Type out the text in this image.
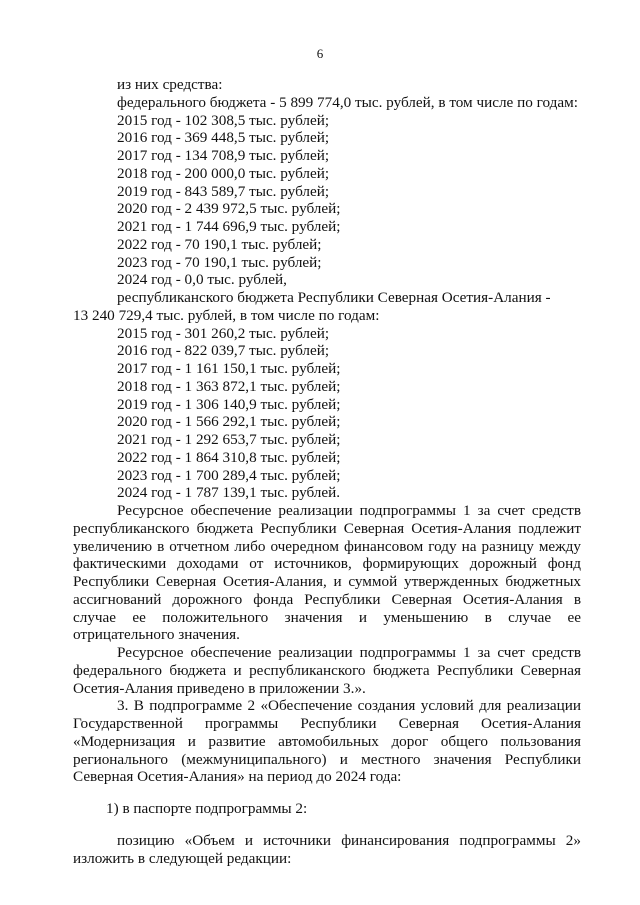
6
из них средства:
федерального бюджета - 5 899 774,0 тыс. рублей, в том числе по годам:
2015 год - 102 308,5 тыс. рублей;
2016 год - 369 448,5 тыс. рублей;
2017 год - 134 708,9 тыс. рублей;
2018 год - 200 000,0 тыс. рублей;
2019 год - 843 589,7 тыс. рублей;
2020 год - 2 439 972,5 тыс. рублей;
2021 год - 1 744 696,9 тыс. рублей;
2022 год - 70 190,1 тыс. рублей;
2023 год - 70 190,1 тыс. рублей;
2024 год - 0,0 тыс. рублей,
республиканского бюджета Республики Северная Осетия-Алания -
13 240 729,4 тыс. рублей, в том числе по годам:
2015 год - 301 260,2 тыс. рублей;
2016 год - 822 039,7 тыс. рублей;
2017 год - 1 161 150,1 тыс. рублей;
2018 год - 1 363 872,1 тыс. рублей;
2019 год - 1 306 140,9 тыс. рублей;
2020 год - 1 566 292,1 тыс. рублей;
2021 год - 1 292 653,7 тыс. рублей;
2022 год - 1 864 310,8 тыс. рублей;
2023 год - 1 700 289,4 тыс. рублей;
2024 год - 1 787 139,1 тыс. рублей.
Ресурсное обеспечение реализации подпрограммы 1 за счет средств
республиканского бюджета Республики Северная Осетия-Алания подлежит
увеличению в отчетном либо очередном финансовом году на разницу между
фактическими доходами от источников, формирующих дорожный фонд
Республики Северная Осетия-Алания, и суммой утвержденных бюджетных
ассигнований дорожного фонда Республики Северная Осетия-Алания в
случае ее положительного значения и уменьшению в случае ее
отрицательного значения.
Ресурсное обеспечение реализации подпрограммы 1 за счет средств
федерального бюджета и республиканского бюджета Республики Северная
Осетия-Алания приведено в приложении 3.».
3. В подпрограмме 2 «Обеспечение создания условий для реализации
Государственной программы Республики Северная Осетия-Алания
«Модернизация и развитие автомобильных дорог общего пользования
регионального (межмуниципального) и местного значения Республики
Северная Осетия-Алания» на период до 2024 года:
1) в паспорте подпрограммы 2:
позицию «Объем и источники финансирования подпрограммы 2»
изложить в следующей редакции:
